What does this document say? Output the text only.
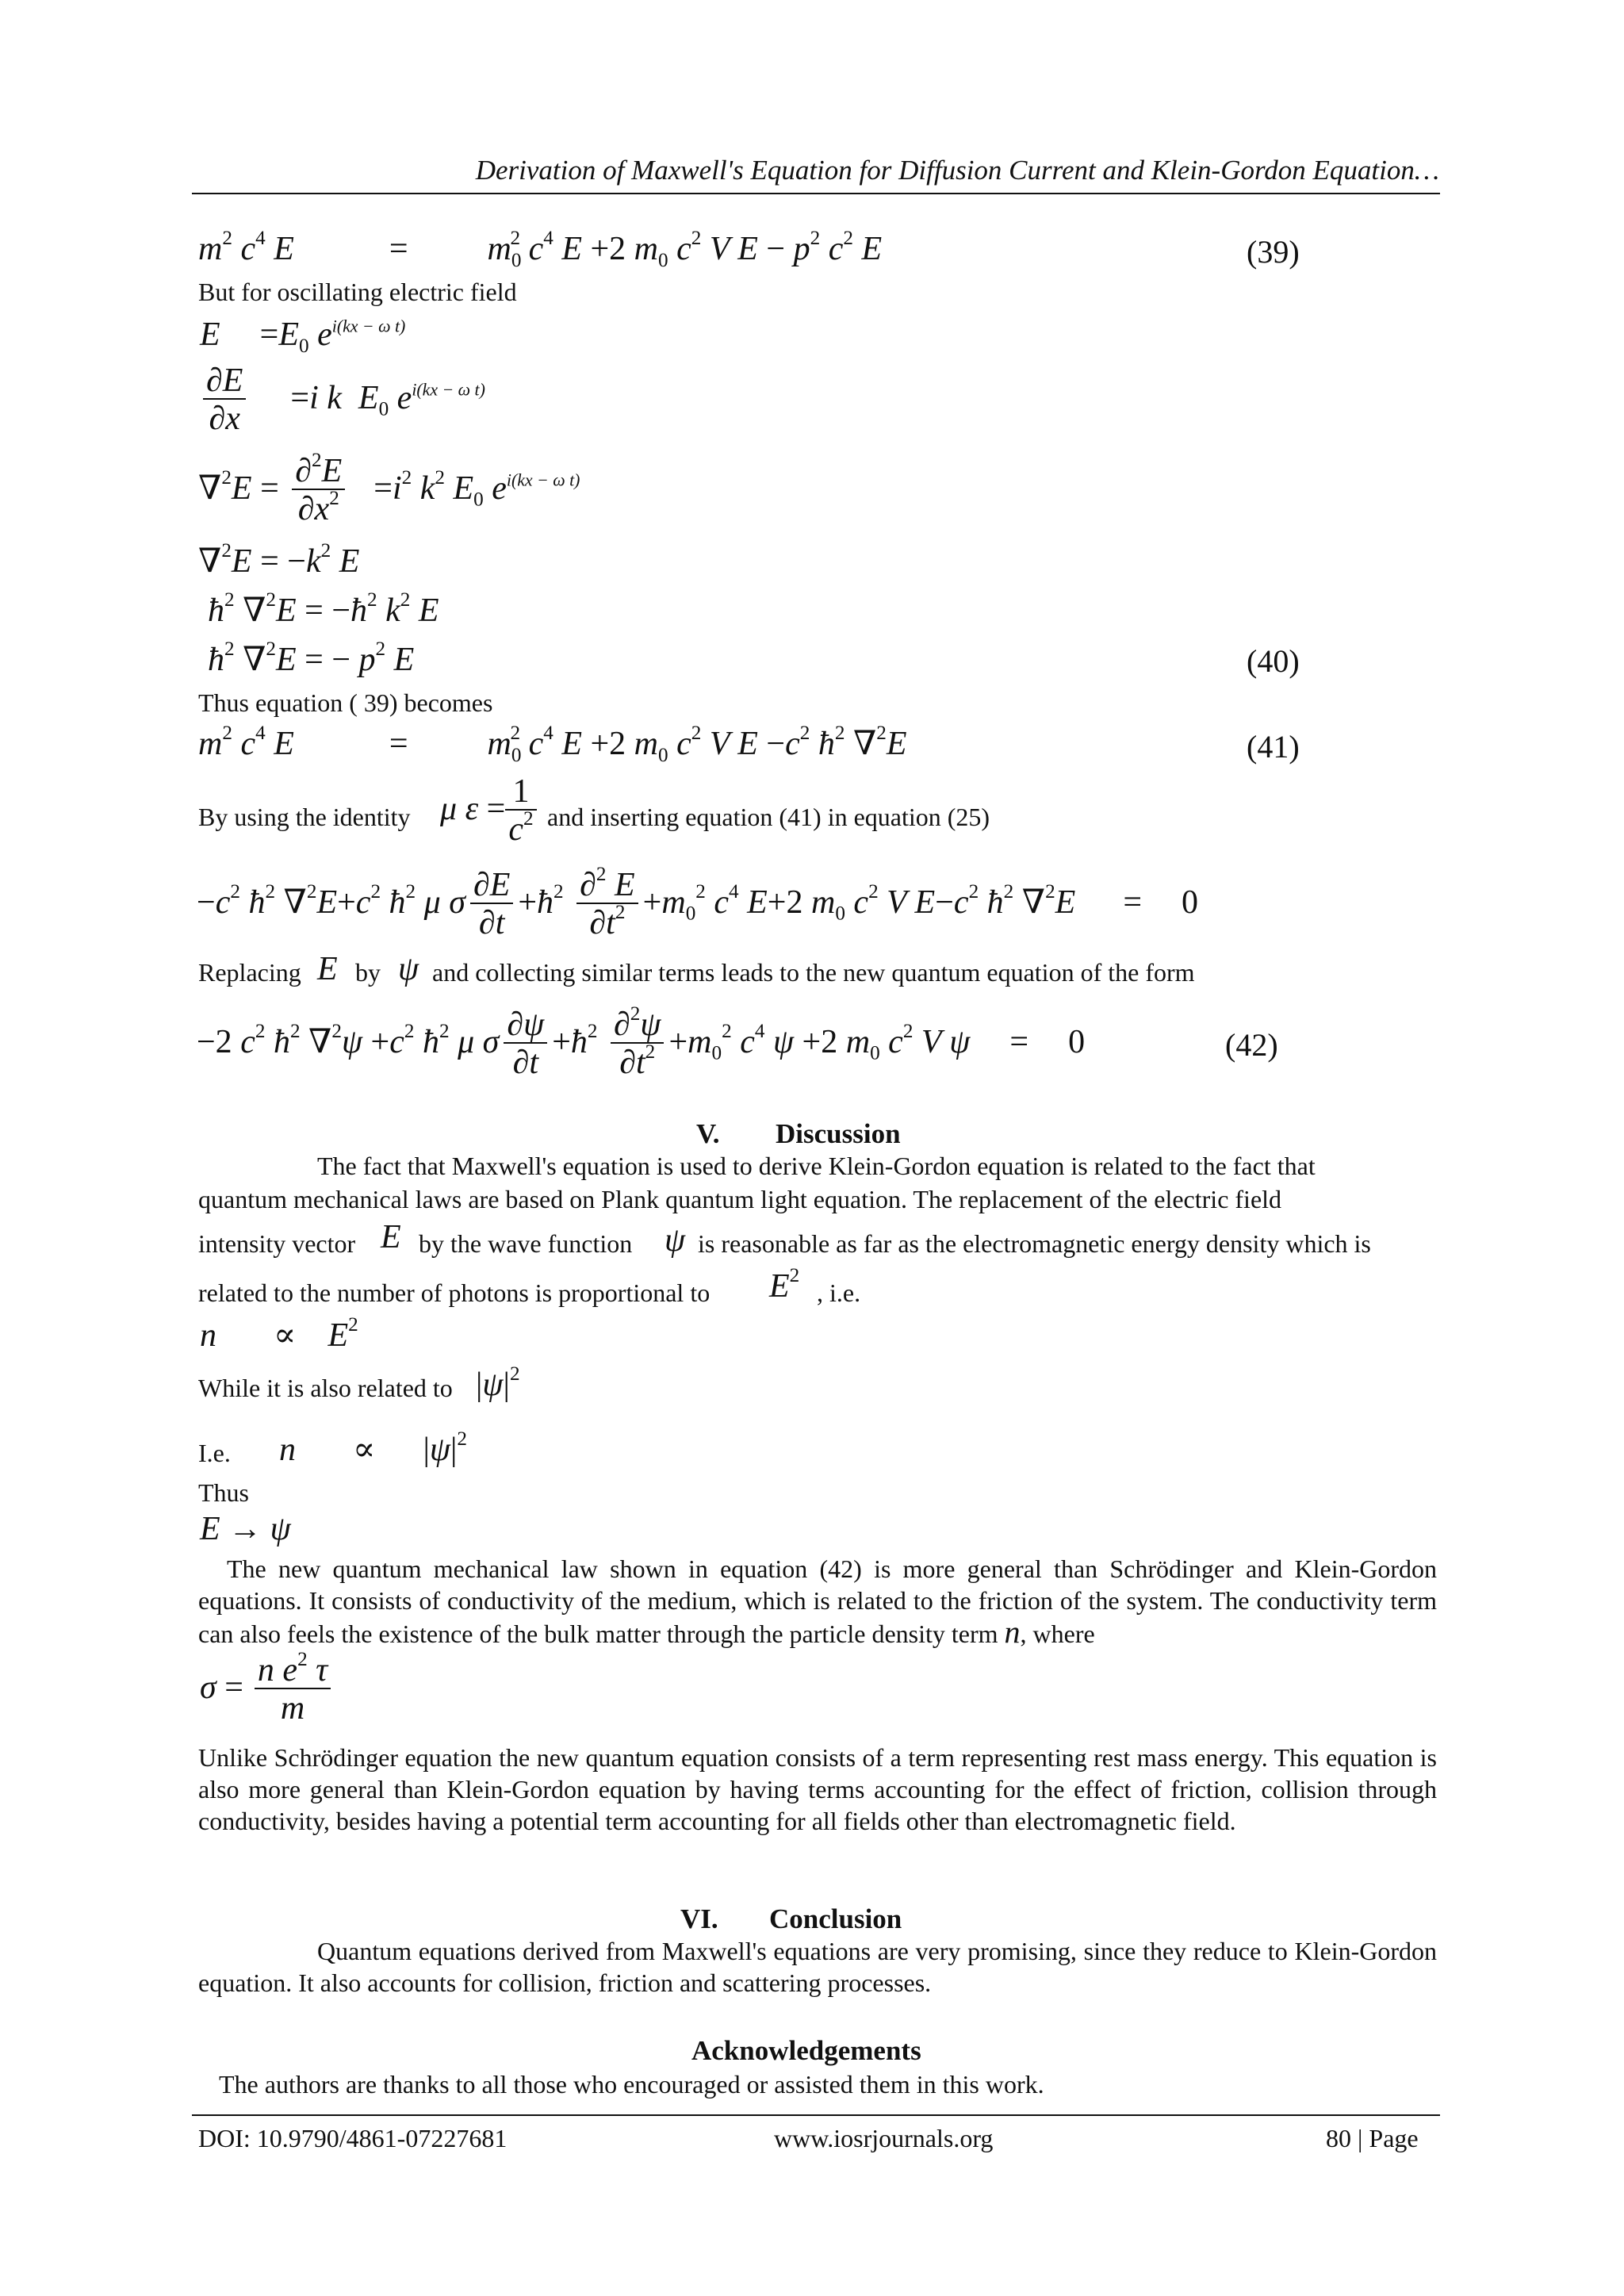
Derivation of Maxwell's Equation for Diffusion Current and Klein-Gordon Equation…
$m^2$ $c^4$ E	= $m_0^2$ $c^4$ E +2 $m_0$ $c^2$ V $E - p^2$ $c^2$ E	(39)
But for oscillating electric field
$E =E_0$ $e^{i(kx - \omega t)}$
$\frac{\partial E}{\partial x} =i$ k  $E_0$ $e^{i(kx - \omega t)}$
$\nabla^2E = \frac{\partial^2E}{\partial x^2} =i^2$ $k^2$ $E_0$ $e^{i(kx - \omega t)}$
$\nabla^2E = -k^2$ E
$ħ^2$ $\nabla^2E = -ħ^2$ $k^2$ E
$ħ^2$ ∇$^2$E = − $p^2$ E	(40)
Thus equation ( 39) becomes
$m^2$ $c^4$ E	= $m_0^2$ $c^4$ E +2 $m_0$ $c^2$ V $E -c^2$ $ħ^2$ ∇$^2$E	(41)
By using the identity μ $\varepsilon = \frac{1}{c^2}$ and inserting equation (41) in equation (25)
$-c^2$ $ħ^2$ $\nabla^2E+c^2$ $ħ^2$ μ σ $\frac{\partial E}{\partial t}$ $+ħ^2 \frac{\partial^2 E}{\partial t^2} +m_0^2$ $c^4$ E+2 $m_0$ $c^2$ V $E-c^2$ $ħ^2$ ∇$^2$E = 0
Replacing E by ψ and collecting similar terms leads to the new quantum equation of the form
−2 $c^2$ $ħ^2$ $\nabla^2\psi +c^2$ $ħ^2$ μ σ $\frac{\partial\psi}{\partial t}$ $+ħ^2 \frac{\partial^2\psi}{\partial t^2} +m_0^2$ $c^4$ ψ +2 $m_0$ $c^2$ V ψ = 0	(42)
V. Discussion
The fact that Maxwell's equation is used to derive Klein-Gordon equation is related to the fact that
quantum mechanical laws are based on Plank quantum light equation. The replacement of the electric field
intensity vector E by the wave function ψ is reasonable as far as the electromagnetic energy density which is
related to the number of photons is proportional to $E^2$
, i.e.
$n \propto E^2$
While it is also related to $|\psi|^2$
I.e. $n \propto |\psi|^2$
Thus
E → ψ
The new quantum mechanical law shown in equation (42) is more general than Schrödinger and Klein-Gordon equations. It consists of conductivity of the medium, which is related to the friction of the system. The conductivity term can also feels the existence of the bulk matter through the particle density term n, where
$\sigma = \frac{n e^2 \tau}{m}$
Unlike Schrödinger equation the new quantum equation consists of a term representing rest mass energy. This equation is also more general than Klein-Gordon equation by having terms accounting for the effect of friction, collision through conductivity, besides having a potential term accounting for all fields other than electromagnetic field.
VI. Conclusion
Quantum equations derived from Maxwell's equations are very promising, since they reduce to Klein-Gordon equation. It also accounts for collision, friction and scattering processes.
Acknowledgements
The authors are thanks to all those who encouraged or assisted them in this work.
DOI: 10.9790/4861-07227681	www.iosrjournals.org	80 | Page
